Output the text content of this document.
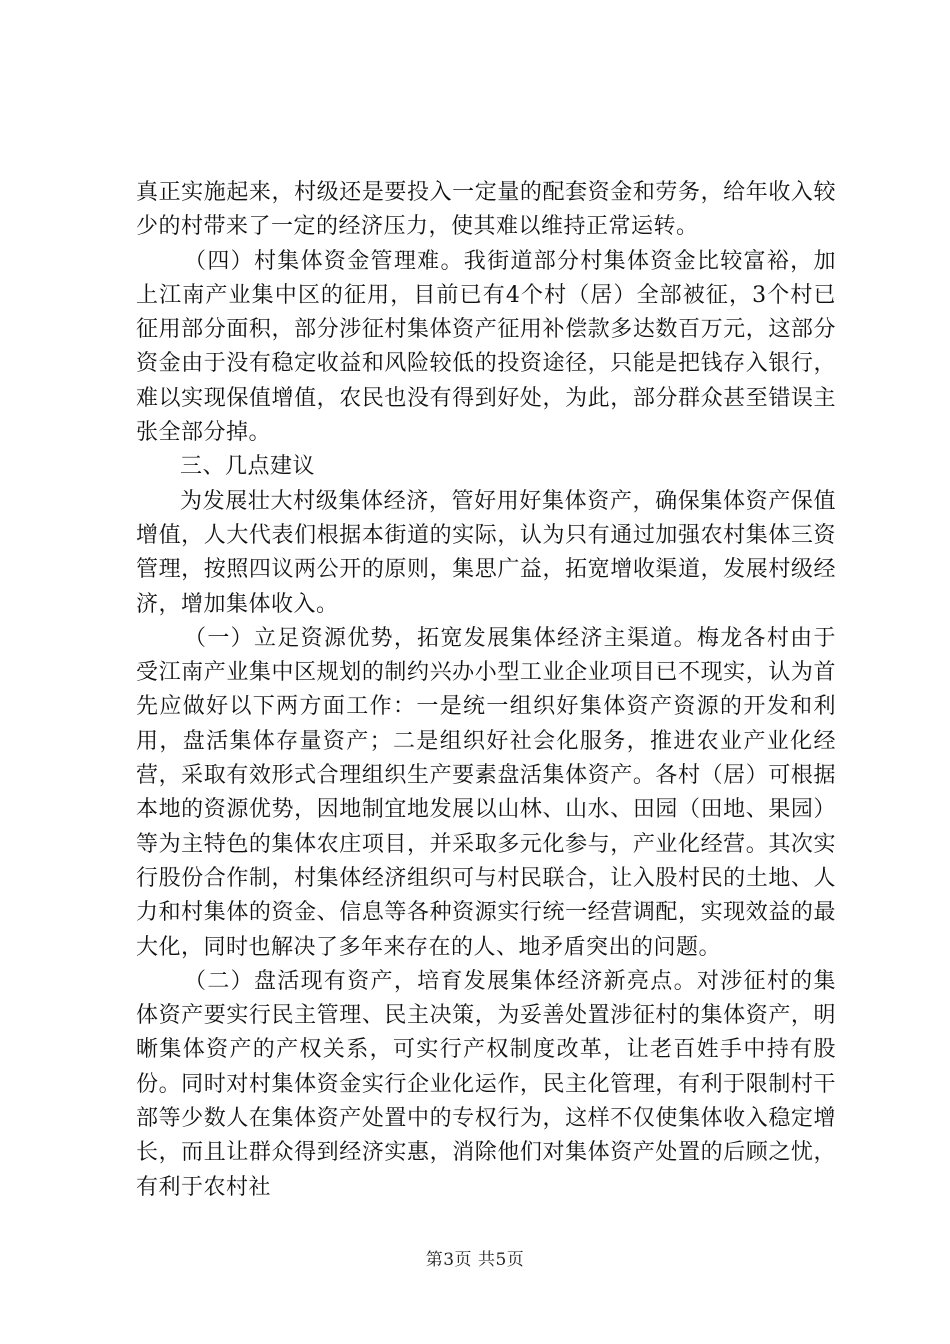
真正实施起来，村级还是要投入一定量的配套资金和劳务，给年收入较少的村带来了一定的经济压力，使其难以维持正常运转。

（四）村集体资金管理难。我街道部分村集体资金比较富裕，加上江南产业集中区的征用，目前已有4个村（居）全部被征，3个村已征用部分面积，部分涉征村集体资产征用补偿款多达数百万元，这部分资金由于没有稳定收益和风险较低的投资途径，只能是把钱存入银行，难以实现保值增值，农民也没有得到好处，为此，部分群众甚至错误主张全部分掉。

三、几点建议

为发展壮大村级集体经济，管好用好集体资产，确保集体资产保值增值，人大代表们根据本街道的实际，认为只有通过加强农村集体三资管理，按照四议两公开的原则，集思广益，拓宽增收渠道，发展村级经济，增加集体收入。

（一）立足资源优势，拓宽发展集体经济主渠道。梅龙各村由于受江南产业集中区规划的制约兴办小型工业企业项目已不现实，认为首先应做好以下两方面工作：一是统一组织好集体资产资源的开发和利用，盘活集体存量资产；二是组织好社会化服务，推进农业产业化经营，采取有效形式合理组织生产要素盘活集体资产。各村（居）可根据本地的资源优势，因地制宜地发展以山林、山水、田园（田地、果园）等为主特色的集体农庄项目，并采取多元化参与，产业化经营。其次实行股份合作制，村集体经济组织可与村民联合，让入股村民的土地、人力和村集体的资金、信息等各种资源实行统一经营调配，实现效益的最大化，同时也解决了多年来存在的人、地矛盾突出的问题。

（二）盘活现有资产，培育发展集体经济新亮点。对涉征村的集体资产要实行民主管理、民主决策，为妥善处置涉征村的集体资产，明晰集体资产的产权关系，可实行产权制度改革，让老百姓手中持有股份。同时对村集体资金实行企业化运作，民主化管理，有利于限制村干部等少数人在集体资产处置中的专权行为，这样不仅使集体收入稳定增长，而且让群众得到经济实惠，消除他们对集体资产处置的后顾之忧，有利于农村社

第3页 共5页
